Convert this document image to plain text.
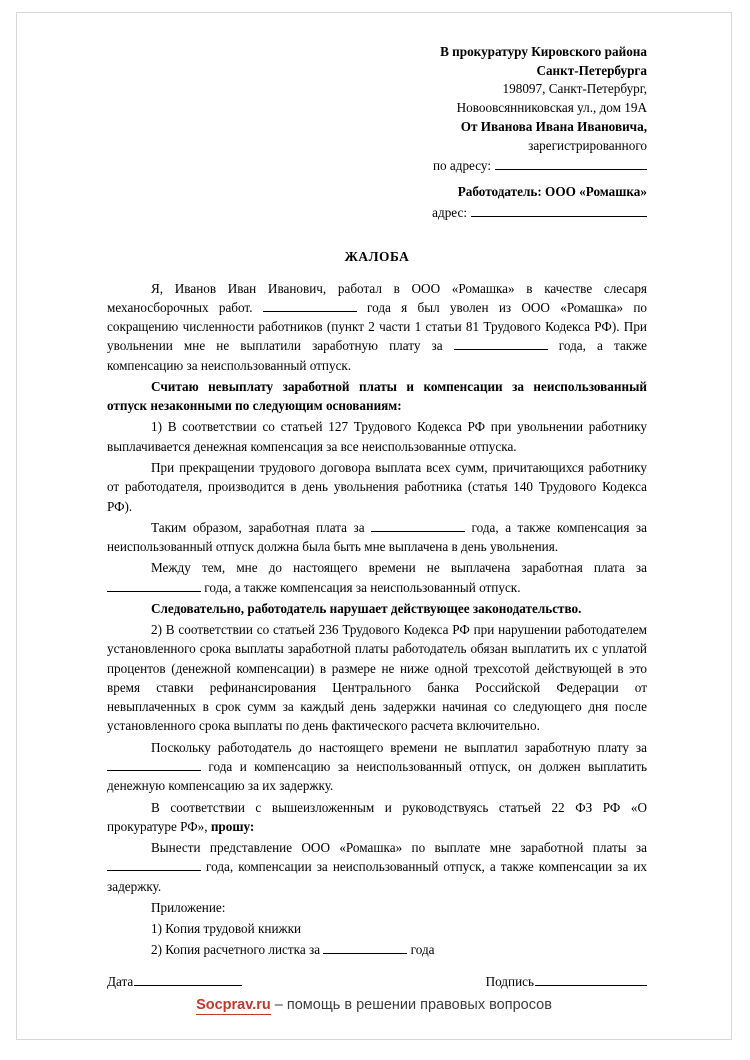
В прокуратуру Кировского района
Санкт-Петербурга
198097, Санкт-Петербург,
Новоовсянниковская ул., дом 19А
От Иванова Ивана Ивановича,
зарегистрированного
по адресу:
Работодатель: ООО «Ромашка»
адрес:
ЖАЛОБА

Я, Иванов Иван Иванович, работал в ООО «Ромашка» в качестве слесаря механосборочных работ.	года я был уволен из ООО «Ромашка» по сокращению численности работников (пункт 2 части 1 статьи 81 Трудового Кодекса РФ). При увольнении мне не выплатили заработную плату за	года, а также компенсацию за неиспользованный отпуск.

Считаю невыплату заработной платы и компенсации за неиспользованный отпуск незаконными по следующим основаниям:

1) В соответствии со статьей 127 Трудового Кодекса РФ при увольнении работнику выплачивается денежная компенсация за все неиспользованные отпуска.

При прекращении трудового договора выплата всех сумм, причитающихся работнику от работодателя, производится в день увольнения работника (статья 140 Трудового Кодекса РФ).

Таким образом, заработная плата за	года, а также компенсация за неиспользованный отпуск должна была быть мне выплачена в день увольнения.

Между тем, мне до настоящего времени не выплачена заработная плата за  года, а также компенсация за неиспользованный отпуск.

Следовательно, работодатель нарушает действующее законодательство.

2) В соответствии со статьей 236 Трудового Кодекса РФ при нарушении работодателем установленного срока выплаты заработной платы работодатель обязан выплатить их с уплатой процентов (денежной компенсации) в размере не ниже одной трехсотой действующей в это время ставки рефинансирования Центрального банка Российской Федерации от невыплаченных в срок сумм за каждый день задержки начиная со следующего дня после установленного срока выплаты по день фактического расчета включительно.

Поскольку работодатель до настоящего времени не выплатил заработную плату за  года и компенсацию за неиспользованный отпуск, он должен выплатить денежную компенсацию за их задержку.

В соответствии с вышеизложенным и руководствуясь статьей 22 ФЗ РФ «О прокуратуре РФ», прошу:

Вынести представление ООО «Ромашка» по выплате мне заработной платы за  года, компенсации за неиспользованный отпуск, а также компенсации за их задержку.

Приложение:
1) Копия трудовой книжки
2) Копия расчетного листка за	года
Дата	Подпись
Socprav.ru – помощь в решении правовых вопросов
